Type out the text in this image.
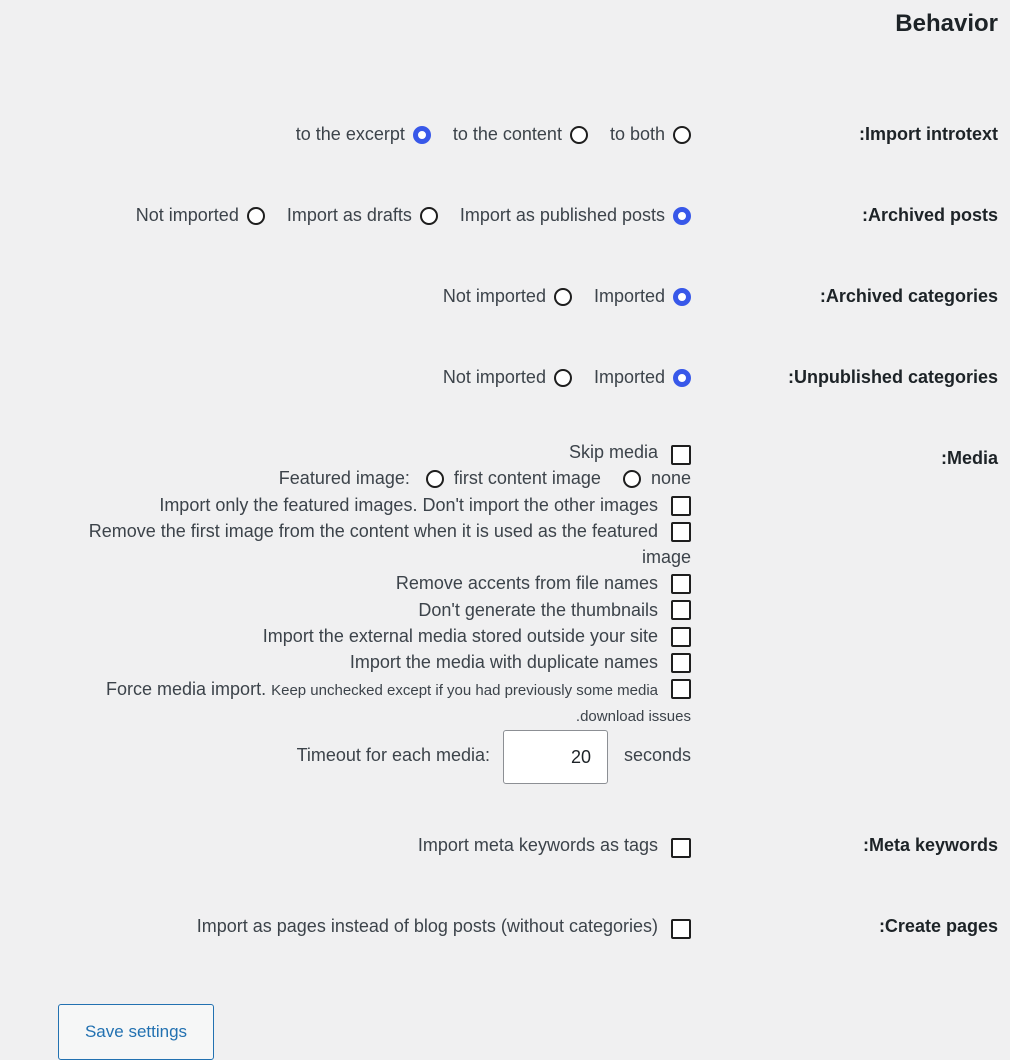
Behavior
:Import introtext
to the excerpt	to the content	to both
:Archived posts
Not imported	Import as drafts	Import as published posts
:Archived categories
Not imported	Imported
:Unpublished categories
Not imported	Imported
:Media
Skip media
Featured image: first content image	none
Import only the featured images. Don't import the other images
Remove the first image from the content when it is used as the featured
image
Remove accents from file names
Don't generate the thumbnails
Import the external media stored outside your site
Import the media with duplicate names
Force media import. Keep unchecked except if you had previously some media
.download issues
Timeout for each media:	20 seconds
:Meta keywords
Import meta keywords as tags
:Create pages
Import as pages instead of blog posts (without categories)
Save settings
